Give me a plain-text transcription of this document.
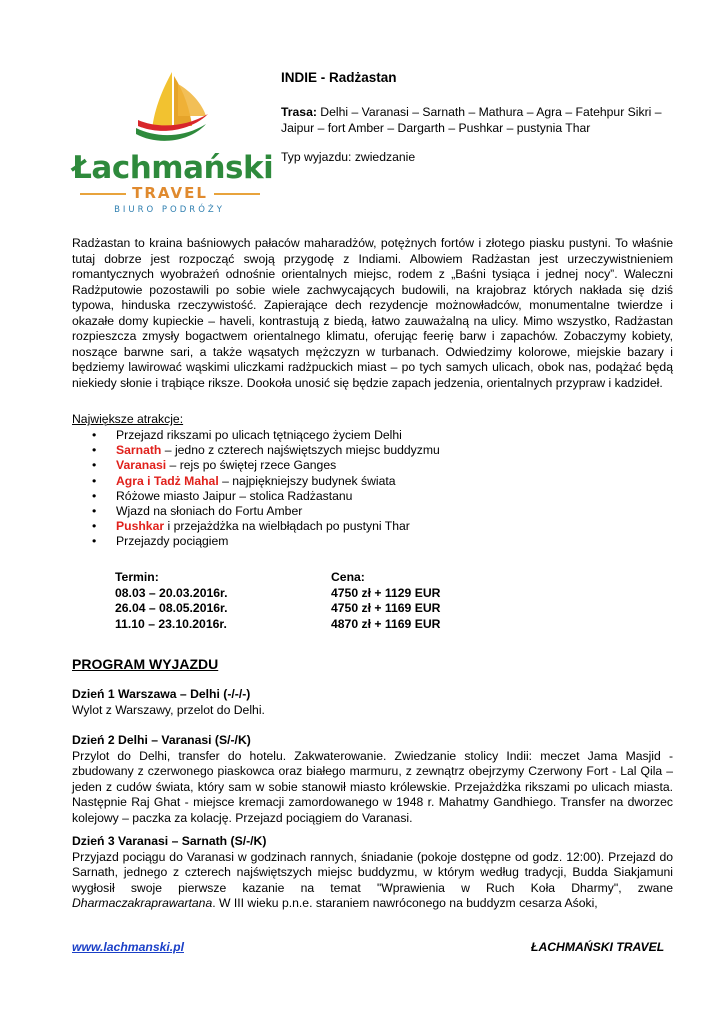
Łachmański
TRAVEL
BIURO PODRÓŻY
INDIE - Radżastan
Trasa: Delhi – Varanasi – Sarnath – Mathura – Agra – Fatehpur Sikri – Jaipur – fort Amber – Dargarth – Pushkar – pustynia Thar
Typ wyjazdu: zwiedzanie

Radżastan to kraina baśniowych pałaców maharadżów, potężnych fortów i złotego piasku pustyni. To właśnie tutaj dobrze jest rozpocząć swoją przygodę z Indiami. Albowiem Radżastan jest urzeczywistnieniem romantycznych wyobrażeń odnośnie orientalnych miejsc, rodem z „Baśni tysiąca i jednej nocy”. Waleczni Radżputowie pozostawili po sobie wiele zachwycających budowili, na krajobraz których nakłada się dziś typowa, hinduska rzeczywistość. Zapierające dech rezydencje możnowładców, monumentalne twierdze i okazałe domy kupieckie – haveli, kontrastują z biedą, łatwo zauważalną na ulicy. Mimo wszystko, Radżastan rozpieszcza zmysły bogactwem orientalnego klimatu, oferując feerię barw i zapachów. Zobaczymy kobiety, noszące barwne sari, a także wąsatych mężczyzn w turbanach. Odwiedzimy kolorowe, miejskie bazary i będziemy lawirować wąskimi uliczkami radżpuckich miast – po tych samych ulicach, obok nas, podążać będą niekiedy słonie i trąbiące riksze. Dookoła unosić się będzie zapach jedzenia, orientalnych przypraw i kadzideł.

Największe atrakcje:
• Przejazd rikszami po ulicach tętniącego życiem Delhi
• Sarnath – jedno z czterech najświętszych miejsc buddyzmu
• Varanasi – rejs po świętej rzece Ganges
• Agra i Tadż Mahal – najpiękniejszy budynek świata
• Różowe miasto Jaipur – stolica Radżastanu
• Wjazd na słoniach do Fortu Amber
• Pushkar i przejażdżka na wielbłądach po pustyni Thar
• Przejazdy pociągiem
Termin:
08.03 – 20.03.2016r.
26.04 – 08.05.2016r.
11.10 – 23.10.2016r.
Cena:
4750 zł + 1129 EUR
4750 zł + 1169 EUR
4870 zł + 1169 EUR
PROGRAM WYJAZDU
Dzień 1 Warszawa – Delhi (-/-/-)
Wylot z Warszawy, przelot do Delhi.
Dzień 2 Delhi – Varanasi (S/-/K)
Przylot do Delhi, transfer do hotelu. Zakwaterowanie. Zwiedzanie stolicy Indii: meczet Jama Masjid - zbudowany z czerwonego piaskowca oraz białego marmuru, z zewnątrz obejrzymy Czerwony Fort - Lal Qila – jeden z cudów świata, który sam w sobie stanowił miasto królewskie. Przejażdżka rikszami po ulicach miasta. Następnie Raj Ghat - miejsce kremacji zamordowanego w 1948 r. Mahatmy Gandhiego. Transfer na dworzec kolejowy – paczka za kolację. Przejazd pociągiem do Varanasi.
Dzień 3 Varanasi – Sarnath (S/-/K)
Przyjazd pociągu do Varanasi w godzinach rannych, śniadanie (pokoje dostępne od godz. 12:00). Przejazd do Sarnath, jednego z czterech najświętszych miejsc buddyzmu, w którym według tradycji, Budda Siakjamuni wygłosił swoje pierwsze kazanie na temat "Wprawienia w Ruch Koła Dharmy", zwane Dharmaczakraprawartana. W III wieku p.n.e. staraniem nawróconego na buddyzm cesarza Aśoki,
www.lachmanski.pl	ŁACHMAŃSKI TRAVEL
